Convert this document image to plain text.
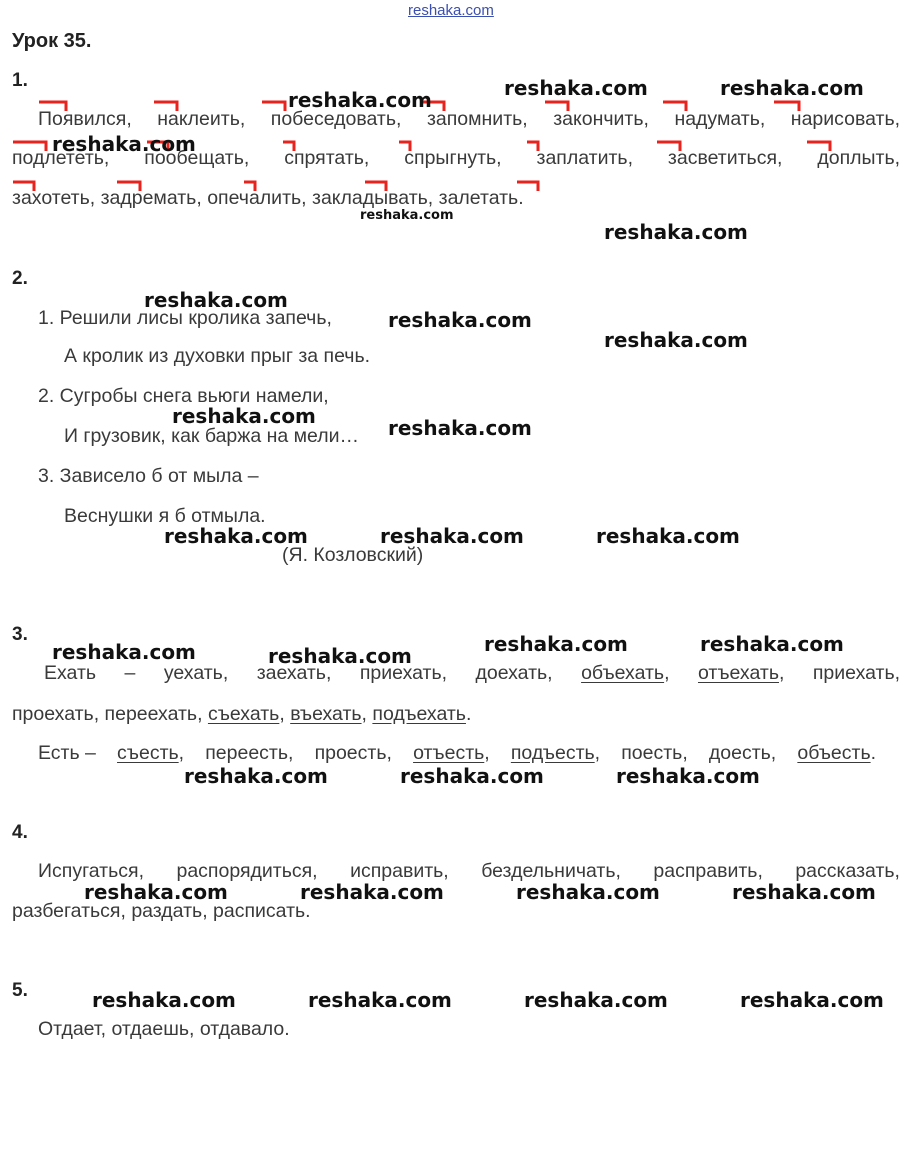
reshaka.com
Урок 35.
1.
Появился, наклеить, побеседовать, запомнить, закончить, надумать, нарисовать,
подлететь, пообещать, спрятать, спрыгнуть, заплатить, засветиться, доплыть,
захотеть, задремать, опечалить, закладывать, залетать.
2.
1. Решили лисы кролика запечь,
А кролик из духовки прыг за печь.
2. Сугробы снега вьюги намели,
И грузовик, как баржа на мели…
3. Зависело б от мыла –
Веснушки я б отмыла.
(Я. Козловский)
3.
Ехать – уехать, заехать, приехать, доехать, объехать, отъехать, приехать,
проехать, переехать, съехать, въехать, подъехать.
Есть – съесть, переесть, проесть, отъесть, подъесть, поесть, доесть, объесть.
4.
Испугаться, распорядиться, исправить, бездельничать, расправить, рассказать,
разбегаться, раздать, расписать.
5.
Отдает, отдаешь, отдавало.
reshaka.com	reshaka.com	reshaka.com
reshaka.com
reshaka.com
reshaka.com
reshaka.com
reshaka.com
reshaka.com
reshaka.com	reshaka.com
reshaka.com	reshaka.com	reshaka.com
reshaka.com	reshaka.com	reshaka.com	reshaka.com
reshaka.com	reshaka.com	reshaka.com
reshaka.com	reshaka.com	reshaka.com	reshaka.com
reshaka.com	reshaka.com	reshaka.com	reshaka.com
